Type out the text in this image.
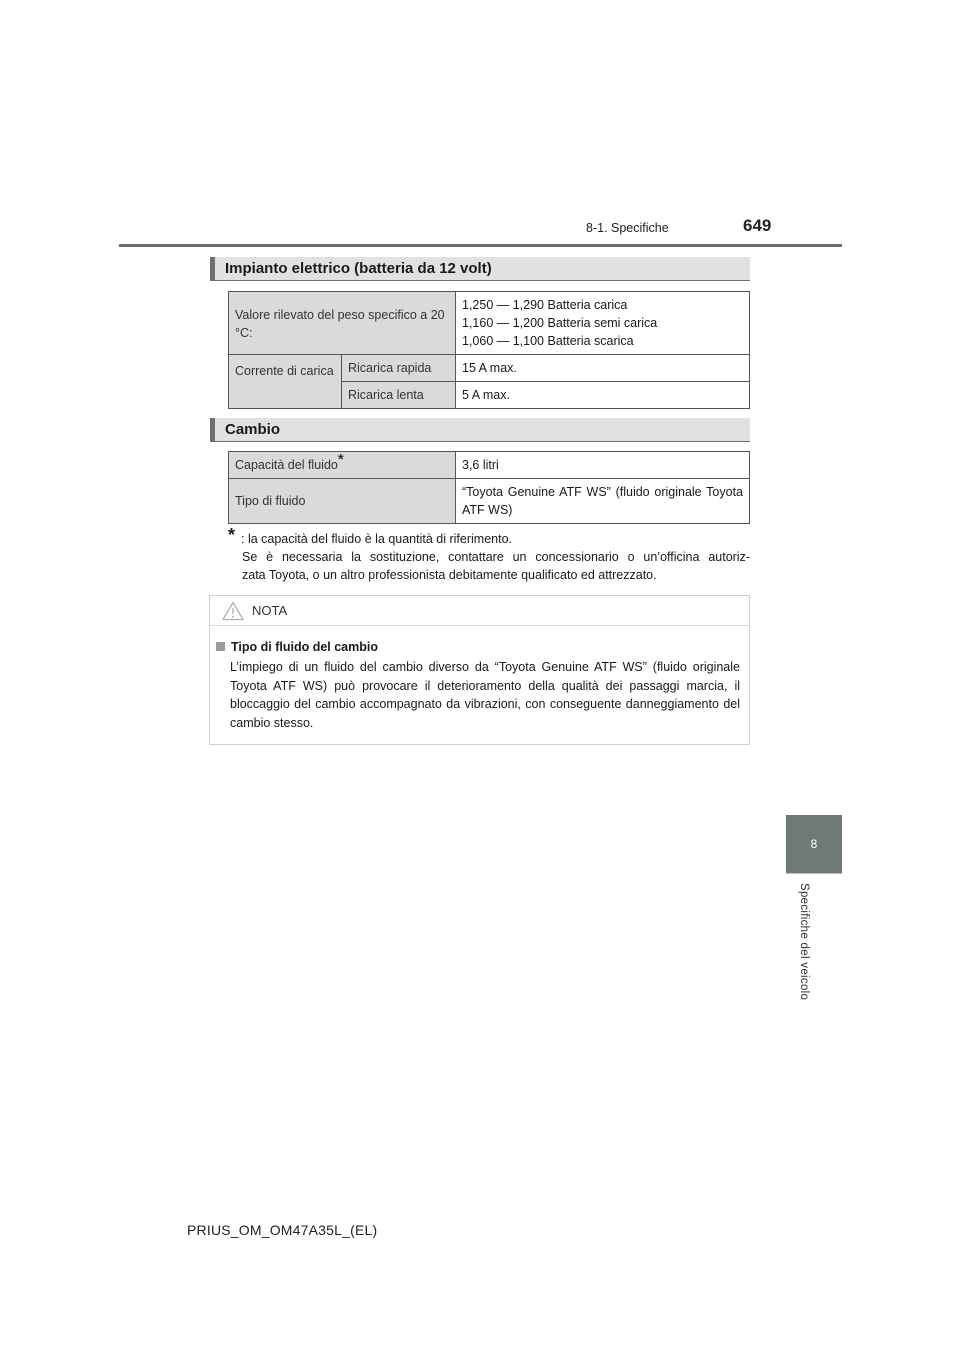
8-1. Specifiche	649
8
Specifiche del veicolo
Impianto elettrico (batteria da 12 volt)
Valore rilevato del peso specifico a 20 °C:		1,250 — 1,290 Batteria carica
1,160 — 1,200 Batteria semi carica
1,060 — 1,100 Batteria scarica

Corrente di carica	Ricarica rapida	15 A max.
	Ricarica lenta	5 A max.
Cambio
Capacità del fluido*	3,6 litri

Tipo di fluido	“Toyota Genuine ATF WS” (fluido originale Toyota ATF WS)
* : la capacità del fluido è la quantità di riferimento.
Se è necessaria la sostituzione, contattare un concessionario o un’officina autoriz-
zata Toyota, o un altro professionista debitamente qualificato ed attrezzato.
NOTA
Tipo di fluido del cambio
L’impiego di un fluido del cambio diverso da “Toyota Genuine ATF WS” (fluido originale Toyota ATF WS) può provocare il deterioramento della qualità dei passaggi marcia, il bloccaggio del cambio accompagnato da vibrazioni, con conseguente danneggiamento del cambio stesso.
PRIUS_OM_OM47A35L_(EL)
